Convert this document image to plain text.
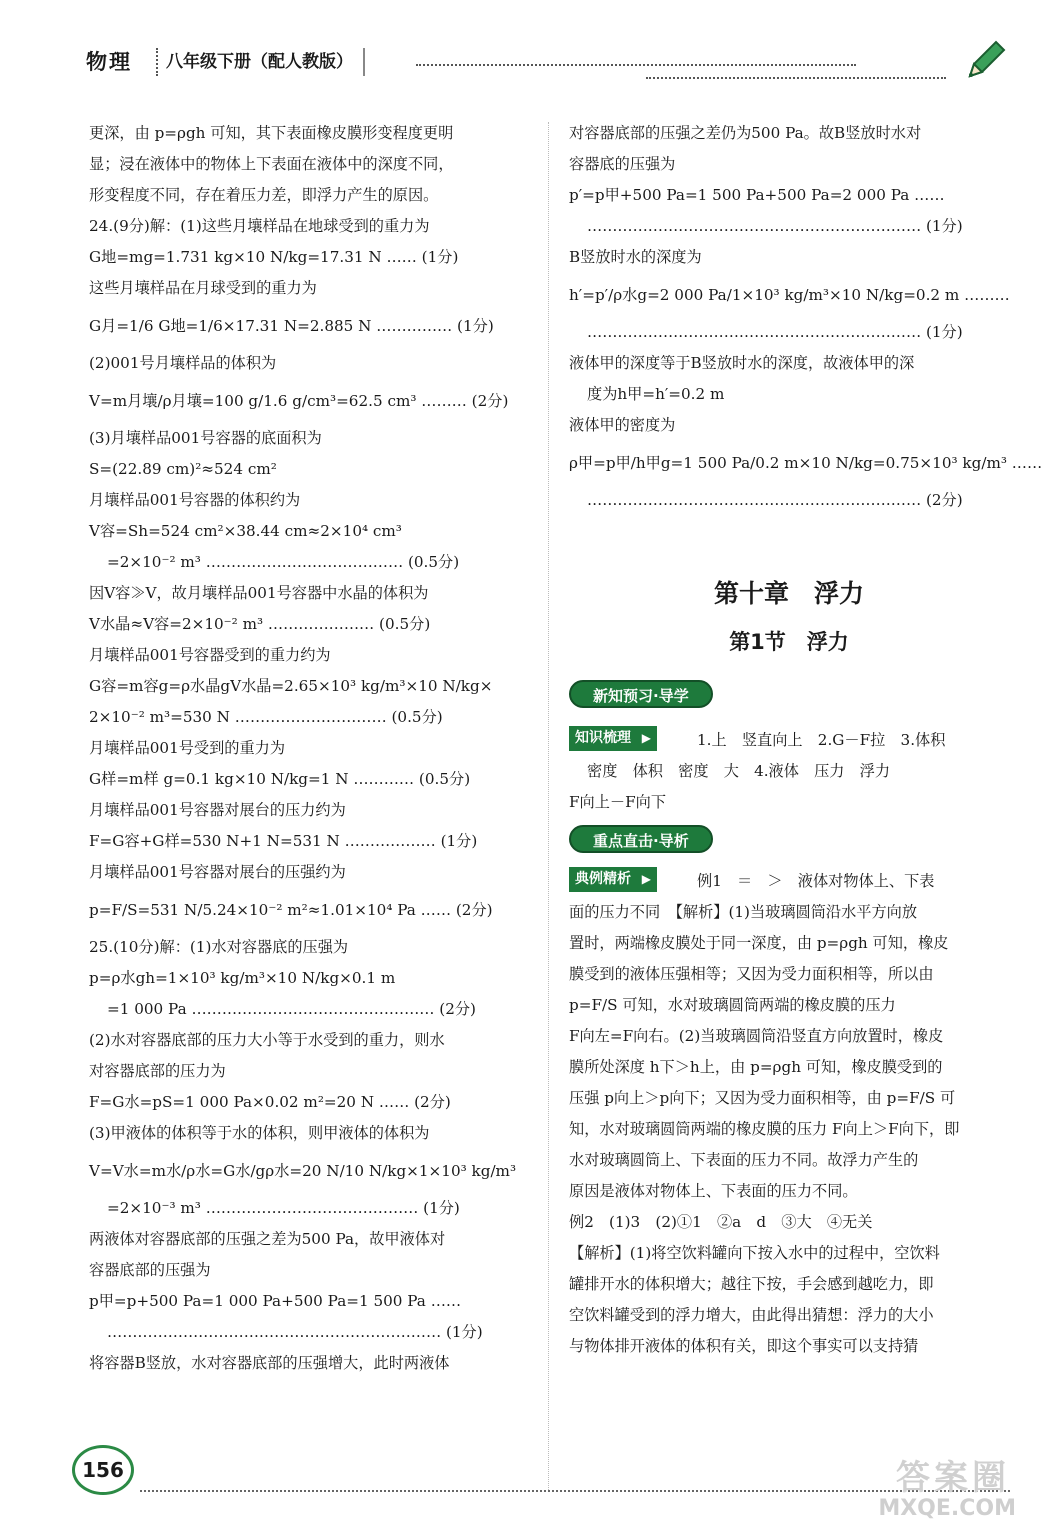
物理	八年级下册（配人教版）
更深，由 p=ρgh 可知，其下表面橡皮膜形变程度更明
显；浸在液体中的物体上下表面在液体中的深度不同，
形变程度不同，存在着压力差，即浮力产生的原因。
24.(9分)解：(1)这些月壤样品在地球受到的重力为
G地=mg=1.731 kg×10 N/kg=17.31 N …… (1分)
这些月壤样品在月球受到的重力为
G月=1/6 G地=1/6×17.31 N=2.885 N …………… (1分)
(2)001号月壤样品的体积为
V=m月壤/ρ月壤=100 g/1.6 g/cm³=62.5 cm³ ……… (2分)
(3)月壤样品001号容器的底面积为
S=(22.89 cm)²≈524 cm²
月壤样品001号容器的体积约为
V容=Sh=524 cm²×38.44 cm≈2×10⁴ cm³
=2×10⁻² m³ ………………………………… (0.5分)
因V容≫V，故月壤样品001号容器中水晶的体积为
V水晶≈V容=2×10⁻² m³ ………………… (0.5分)
月壤样品001号容器受到的重力约为
G容=m容g=ρ水晶gV水晶=2.65×10³ kg/m³×10 N/kg×
2×10⁻² m³=530 N ………………………… (0.5分)
月壤样品001号受到的重力为
G样=m样 g=0.1 kg×10 N/kg=1 N ………… (0.5分)
月壤样品001号容器对展台的压力约为
F=G容+G样=530 N+1 N=531 N ……………… (1分)
月壤样品001号容器对展台的压强约为
p=F/S=531 N/5.24×10⁻² m²≈1.01×10⁴ Pa …… (2分)
25.(10分)解：(1)水对容器底的压强为
p=ρ水gh=1×10³ kg/m³×10 N/kg×0.1 m
=1 000 Pa ………………………………………… (2分)
(2)水对容器底部的压力大小等于水受到的重力，则水
对容器底部的压力为
F=G水=pS=1 000 Pa×0.02 m²=20 N …… (2分)
(3)甲液体的体积等于水的体积，则甲液体的体积为
V=V水=m水/ρ水=G水/gρ水=20 N/10 N/kg×1×10³ kg/m³
=2×10⁻³ m³ …………………………………… (1分)
两液体对容器底部的压强之差为500 Pa，故甲液体对
容器底部的压强为
p甲=p+500 Pa=1 000 Pa+500 Pa=1 500 Pa ……
………………………………………………………… (1分)
将容器B竖放，水对容器底部的压强增大，此时两液体
对容器底部的压强之差仍为500 Pa。故B竖放时水对
容器底的压强为
p′=p甲+500 Pa=1 500 Pa+500 Pa=2 000 Pa ……
………………………………………………………… (1分)
B竖放时水的深度为
h′=p′/ρ水g=2 000 Pa/1×10³ kg/m³×10 N/kg=0.2 m ………
………………………………………………………… (1分)
液体甲的深度等于B竖放时水的深度，故液体甲的深
度为h甲=h′=0.2 m
液体甲的密度为
ρ甲=p甲/h甲g=1 500 Pa/0.2 m×10 N/kg=0.75×10³ kg/m³ ……
………………………………………………………… (2分)
第十章　浮力
第1节　浮力
新知预习·导学
知识梳理 ▶	1.上　竖直向上　2.G－F拉　3.体积
密度　体积　密度　大　4.液体　压力　浮力
F向上－F向下
重点直击·导析
典例精析 ▶	例1　＝　＞　液体对物体上、下表
面的压力不同　【解析】(1)当玻璃圆筒沿水平方向放
置时，两端橡皮膜处于同一深度，由 p=ρgh 可知，橡皮
膜受到的液体压强相等；又因为受力面积相等，所以由
p=F/S 可知，水对玻璃圆筒两端的橡皮膜的压力
F向左=F向右。(2)当玻璃圆筒沿竖直方向放置时，橡皮
膜所处深度 h下＞h上，由 p=ρgh 可知，橡皮膜受到的
压强 p向上＞p向下；又因为受力面积相等，由 p=F/S 可
知，水对玻璃圆筒两端的橡皮膜的压力 F向上＞F向下，即
水对玻璃圆筒上、下表面的压力不同。故浮力产生的
原因是液体对物体上、下表面的压力不同。
例2　(1)3　(2)①1　②a　d　③大　④无关
【解析】(1)将空饮料罐向下按入水中的过程中，空饮料
罐排开水的体积增大；越往下按，手会感到越吃力，即
空饮料罐受到的浮力增大，由此得出猜想：浮力的大小
与物体排开液体的体积有关，即这个事实可以支持猜
156	答案圈
MXQE.COM
